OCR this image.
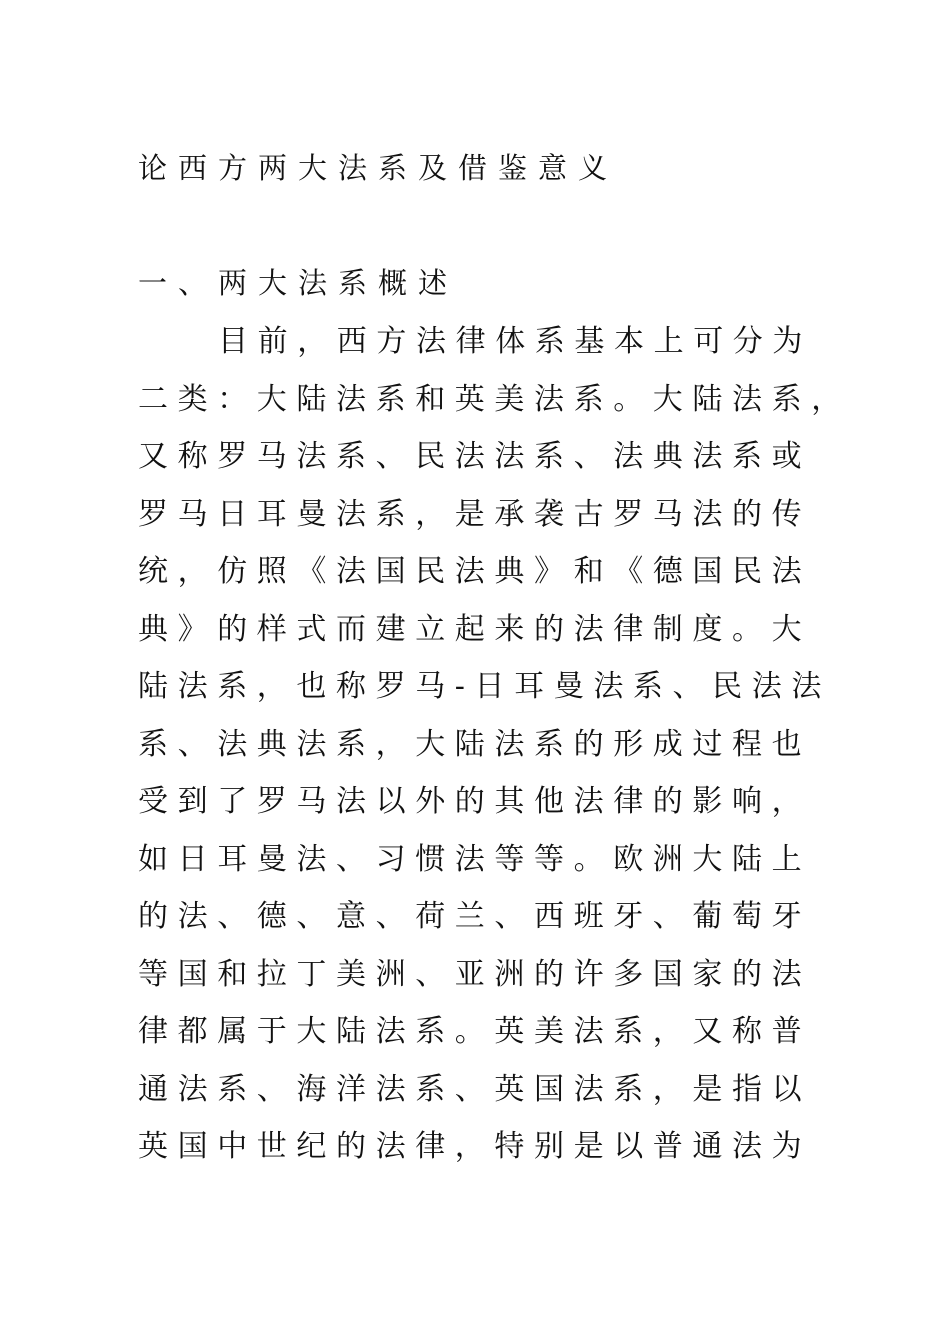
论西方两大法系及借鉴意义
一、两大法系概述
目前，西方法律体系基本上可分为
二类：大陆法系和英美法系。大陆法系，
又称罗马法系、民法法系、法典法系或
罗马日耳曼法系，是承袭古罗马法的传
统，仿照《法国民法典》和《德国民法
典》的样式而建立起来的法律制度。大
陆法系，也称罗马-日耳曼法系、民法法
系、法典法系，大陆法系的形成过程也
受到了罗马法以外的其他法律的影响，
如日耳曼法、习惯法等等。欧洲大陆上
的法、德、意、荷兰、西班牙、葡萄牙
等国和拉丁美洲、亚洲的许多国家的法
律都属于大陆法系。英美法系，又称普
通法系、海洋法系、英国法系，是指以
英国中世纪的法律，特别是以普通法为
